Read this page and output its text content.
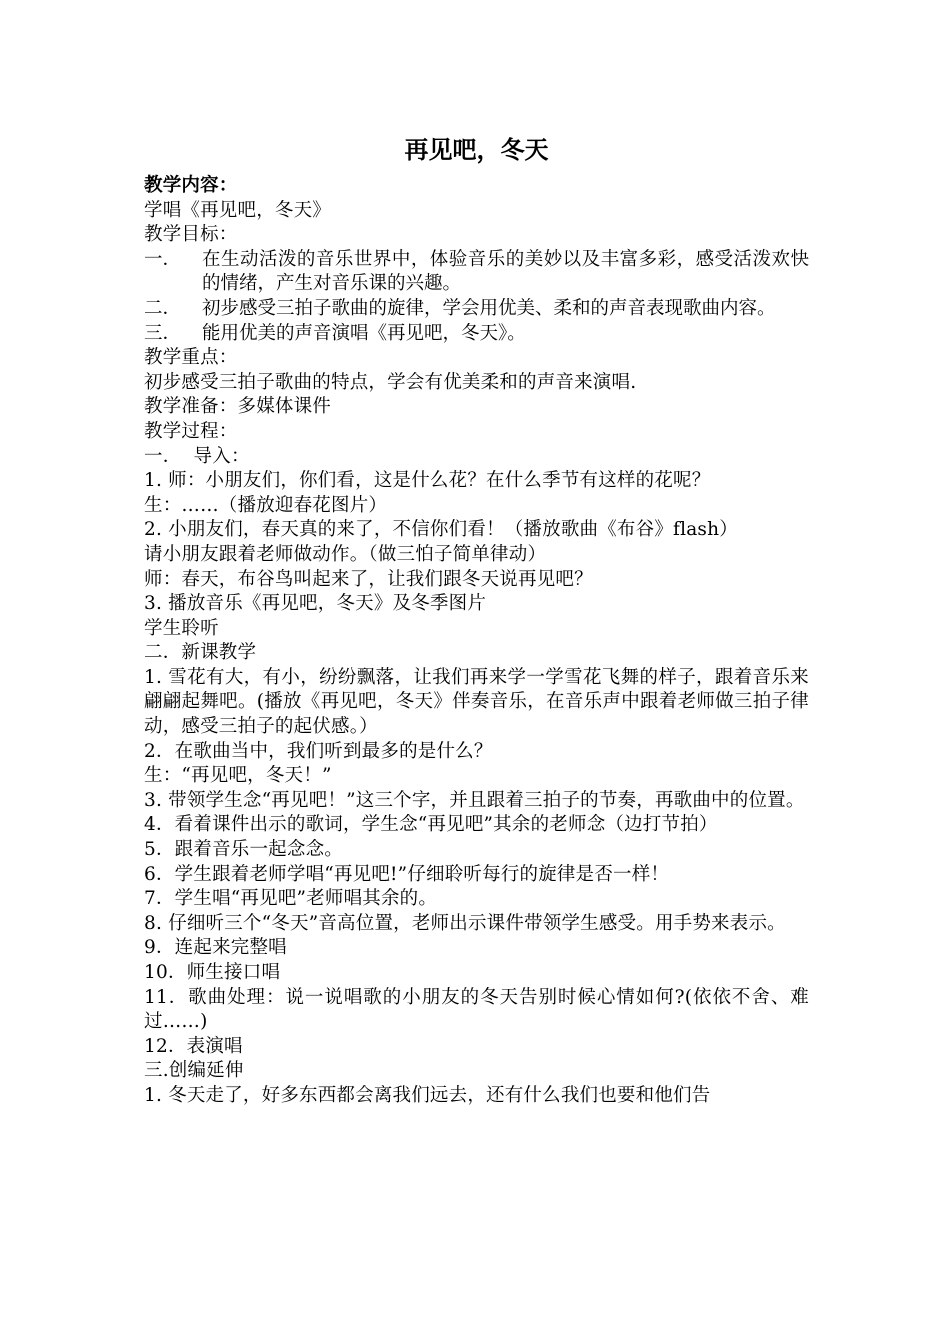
再见吧，冬天
教学内容：
学唱《再见吧，冬天》
教学目标：
一．	在生动活泼的音乐世界中，体验音乐的美妙以及丰富多彩，感受活泼欢快的情绪，产生对音乐课的兴趣。
二．	初步感受三拍子歌曲的旋律，学会用优美、柔和的声音表现歌曲内容。
三．	能用优美的声音演唱《再见吧，冬天》。
教学重点：
初步感受三拍子歌曲的特点，学会有优美柔和的声音来演唱.
教学准备：多媒体课件
教学过程：
一．  导入：
1. 师：小朋友们，你们看，这是什么花？在什么季节有这样的花呢？
生：……（播放迎春花图片）
2. 小朋友们，春天真的来了，不信你们看！（播放歌曲《布谷》flash）
请小朋友跟着老师做动作。（做三怕子简单律动）
师：春天，布谷鸟叫起来了，让我们跟冬天说再见吧？
3. 播放音乐《再见吧，冬天》及冬季图片
学生聆听
二．新课教学
1. 雪花有大，有小，纷纷飘落，让我们再来学一学雪花飞舞的样子，跟着音乐来翩翩起舞吧。(播放《再见吧，冬天》伴奏音乐，在音乐声中跟着老师做三拍子律动，感受三拍子的起伏感。）
2．在歌曲当中，我们听到最多的是什么？
生：“再见吧，冬天！”
3. 带领学生念“再见吧！”这三个字，并且跟着三拍子的节奏，再歌曲中的位置。
4．看着课件出示的歌词，学生念“再见吧”其余的老师念（边打节拍）
5．跟着音乐一起念念。
6．学生跟着老师学唱“再见吧!”仔细聆听每行的旋律是否一样！
7．学生唱“再见吧”老师唱其余的。
8. 仔细听三个“冬天”音高位置，老师出示课件带领学生感受。用手势来表示。
9．连起来完整唱
10．师生接口唱
11．歌曲处理：说一说唱歌的小朋友的冬天告别时候心情如何?(依依不舍、难过……)
12．表演唱
三.创编延伸
1. 冬天走了，好多东西都会离我们远去，还有什么我们也要和他们告
